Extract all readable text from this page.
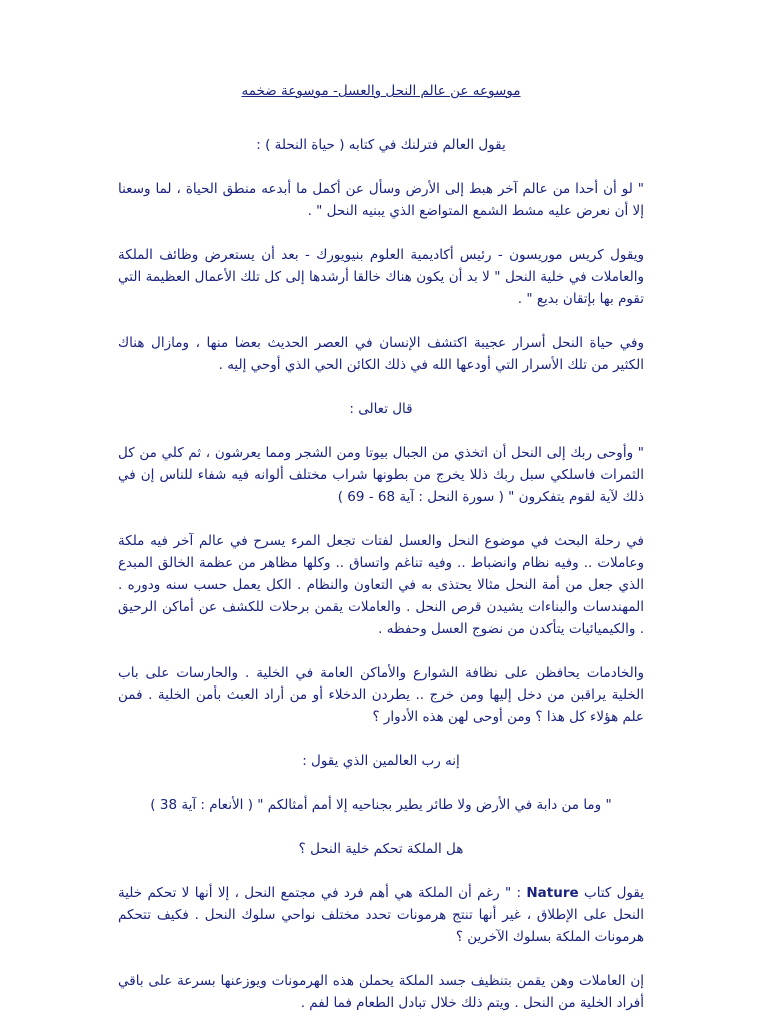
موسوعه عن عالم النحل والعسل- موسوعة ضخمه
يقول العالم فترلنك في كتابه ( حياة النحلة ) :
" لو أن أحدا من عالم آخر هبط إلى الأرض وسأل عن أكمل ما أبدعه منطق الحياة ، لما وسعنا إلا أن نعرض عليه مشط الشمع المتواضع الذي يبنيه النحل " .
ويقول كريس موريسون - رئيس أكاديمية العلوم بنيويورك - بعد أن يستعرض وظائف الملكة والعاملات في خلية النحل " لا بد أن يكون هناك خالقا أرشدها إلى كل تلك الأعمال العظيمة التي تقوم بها بإتقان بديع " .
وفي حياة النحل أسرار عجيبة اكتشف الإنسان في العصر الحديث بعضا منها ، ومازال هناك الكثير من تلك الأسرار التي أودعها الله في ذلك الكائن الحي الذي أوحي إليه .
قال تعالى :
" وأوحى ربك إلى النحل أن اتخذي من الجبال بيوتا ومن الشجر ومما يعرشون ، ثم كلي من كل الثمرات فاسلكي سبل ربك ذللا يخرج من بطونها شراب مختلف ألوانه فيه شفاء للناس إن في ذلك لآية لقوم يتفكرون " ( سورة النحل : آية 68 - 69 )
في رحلة البحث في موضوع النحل والعسل لفتات تجعل المرء يسرح في عالم آخر فيه ملكة وعاملات .. وفيه نظام وانضباط .. وفيه تناغم واتساق .. وكلها مظاهر من عظمة الخالق المبدع الذي جعل من أمة النحل مثالا يحتذى به في التعاون والنظام . الكل يعمل حسب سنه ودوره . المهندسات والبناءات يشيدن قرص النحل . والعاملات يقمن برحلات للكشف عن أماكن الرحيق . والكيميائيات يتأكدن من نضوج العسل وحفظه .
والخادمات يحافظن على نظافة الشوارع والأماكن العامة في الخلية . والحارسات على باب الخلية يراقبن من دخل إليها ومن خرج .. يطردن الدخلاء أو من أراد العبث بأمن الخلية . فمن علم هؤلاء كل هذا ؟ ومن أوحى لهن هذه الأدوار ؟
إنه رب العالمين الذي يقول :
" وما من دابة في الأرض ولا طائر يطير بجناحيه إلا أمم أمثالكم " ( الأنعام : آية 38 )
هل الملكة تحكم خلية النحل ؟
يقول كتاب Nature : " رغم أن الملكة هي أهم فرد في مجتمع النحل ، إلا أنها لا تحكم خلية النحل على الإطلاق ، غير أنها تنتج هرمونات تحدد مختلف نواحي سلوك النحل . فكيف تتحكم هرمونات الملكة بسلوك الآخرين ؟
إن العاملات وهن يقمن بتنظيف جسد الملكة يحملن هذه الهرمونات ويوزعنها بسرعة على باقي أفراد الخلية من النحل . ويتم ذلك خلال تبادل الطعام فما لفم .
